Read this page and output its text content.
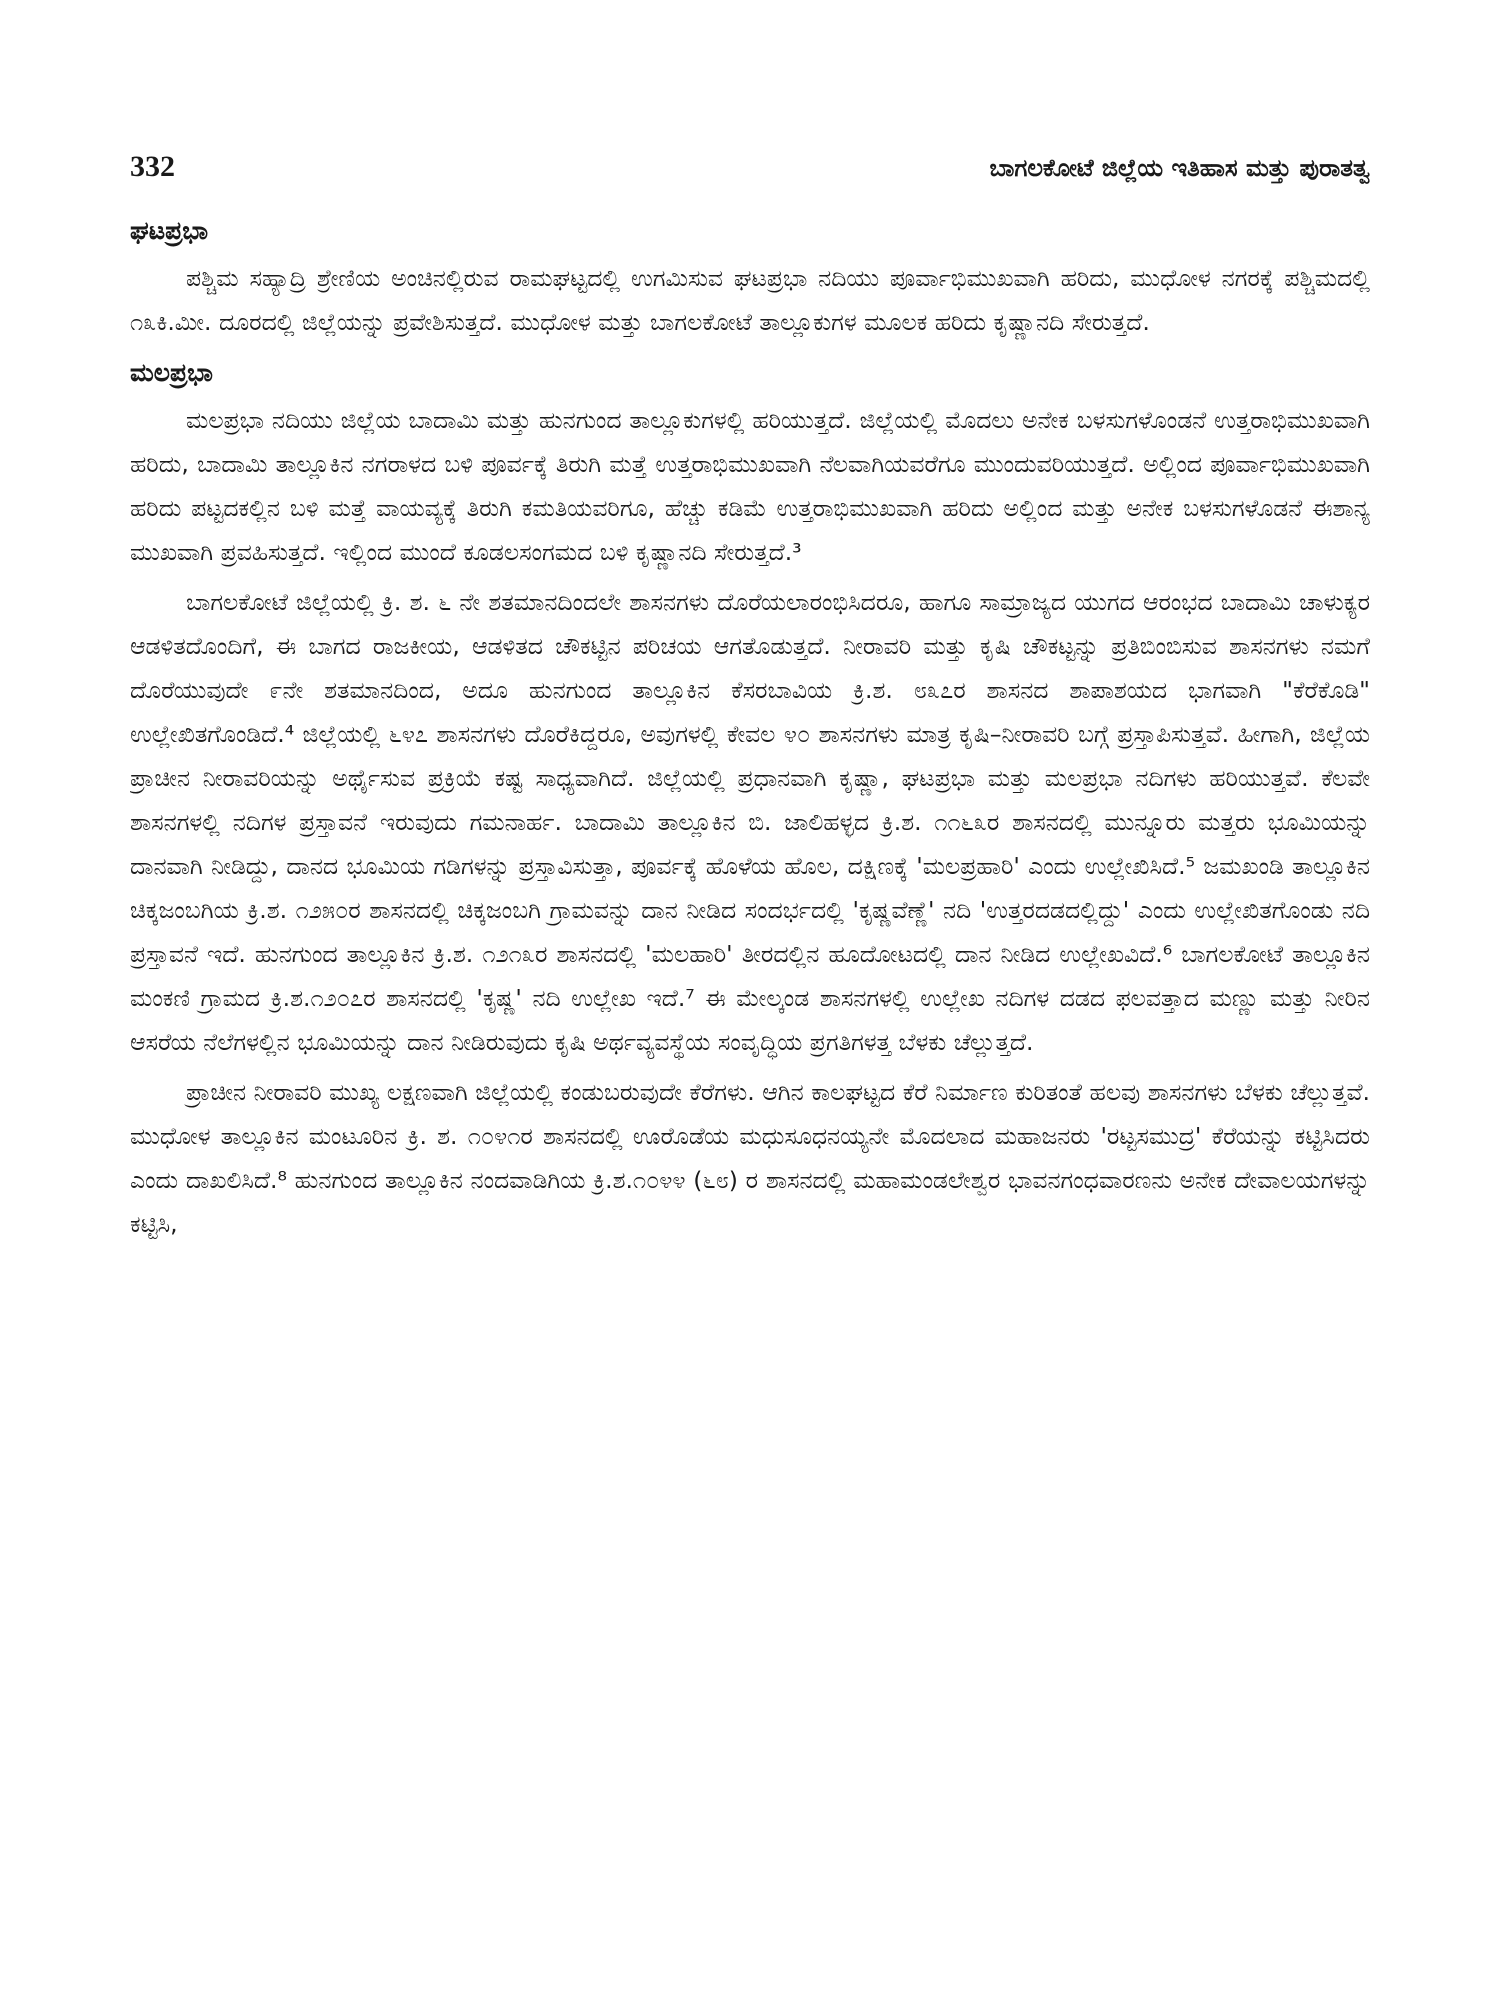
332	ಬಾಗಲಕೋಟೆ ಜಿಲ್ಲೆಯ ಇತಿಹಾಸ ಮತ್ತು ಪುರಾತತ್ವ
ಘಟಪ್ರಭಾ

ಪಶ್ಚಿಮ ಸಹ್ಯಾದ್ರಿ ಶ್ರೇಣಿಯ ಅಂಚಿನಲ್ಲಿರುವ ರಾಮಘಟ್ಟದಲ್ಲಿ ಉಗಮಿಸುವ ಘಟಪ್ರಭಾ ನದಿಯು ಪೂರ್ವಾಭಿಮುಖವಾಗಿ ಹರಿದು, ಮುಧೋಳ ನಗರಕ್ಕೆ ಪಶ್ಚಿಮದಲ್ಲಿ ೧೩ಕಿ.ಮೀ. ದೂರದಲ್ಲಿ ಜಿಲ್ಲೆಯನ್ನು ಪ್ರವೇಶಿಸುತ್ತದೆ. ಮುಧೋಳ ಮತ್ತು ಬಾಗಲಕೋಟೆ ತಾಲ್ಲೂಕುಗಳ ಮೂಲಕ ಹರಿದು ಕೃಷ್ಣಾನದಿ ಸೇರುತ್ತದೆ.

ಮಲಪ್ರಭಾ

ಮಲಪ್ರಭಾ ನದಿಯು ಜಿಲ್ಲೆಯ ಬಾದಾಮಿ ಮತ್ತು ಹುನಗುಂದ ತಾಲ್ಲೂಕುಗಳಲ್ಲಿ ಹರಿಯುತ್ತದೆ. ಜಿಲ್ಲೆಯಲ್ಲಿ ಮೊದಲು ಅನೇಕ ಬಳಸುಗಳೊಂಡನೆ ಉತ್ತರಾಭಿಮುಖವಾಗಿ ಹರಿದು, ಬಾದಾಮಿ ತಾಲ್ಲೂಕಿನ ನಗರಾಳದ ಬಳಿ ಪೂರ್ವಕ್ಕೆ ತಿರುಗಿ ಮತ್ತೆ ಉತ್ತರಾಭಿಮುಖವಾಗಿ ನೆಲವಾಗಿಯವರೆಗೂ ಮುಂದುವರಿಯುತ್ತದೆ. ಅಲ್ಲಿಂದ ಪೂರ್ವಾಭಿಮುಖವಾಗಿ ಹರಿದು ಪಟ್ಟದಕಲ್ಲಿನ ಬಳಿ ಮತ್ತೆ ವಾಯವ್ಯಕ್ಕೆ ತಿರುಗಿ ಕಮತಿಯವರಿಗೂ, ಹೆಚ್ಚು ಕಡಿಮೆ ಉತ್ತರಾಭಿಮುಖವಾಗಿ ಹರಿದು ಅಲ್ಲಿಂದ ಮತ್ತು ಅನೇಕ ಬಳಸುಗಳೊಡನೆ ಈಶಾನ್ಯ ಮುಖವಾಗಿ ಪ್ರವಹಿಸುತ್ತದೆ. ಇಲ್ಲಿಂದ ಮುಂದೆ ಕೂಡಲಸಂಗಮದ ಬಳಿ ಕೃಷ್ಣಾನದಿ ಸೇರುತ್ತದೆ.³

ಬಾಗಲಕೋಟೆ ಜಿಲ್ಲೆಯಲ್ಲಿ ಕ್ರಿ. ಶ. ೬ ನೇ ಶತಮಾನದಿಂದಲೇ ಶಾಸನಗಳು ದೊರೆಯಲಾರಂಭಿಸಿದರೂ, ಹಾಗೂ ಸಾಮ್ರಾಜ್ಯದ ಯುಗದ ಆರಂಭದ ಬಾದಾಮಿ ಚಾಳುಕ್ಯರ ಆಡಳಿತದೊಂದಿಗೆ, ಈ ಬಾಗದ ರಾಜಕೀಯ, ಆಡಳಿತದ ಚೌಕಟ್ಟಿನ ಪರಿಚಯ ಆಗತೊಡುತ್ತದೆ. ನೀರಾವರಿ ಮತ್ತು ಕೃಷಿ ಚೌಕಟ್ಟನ್ನು ಪ್ರತಿಬಿಂಬಿಸುವ ಶಾಸನಗಳು ನಮಗೆ ದೊರೆಯುವುದೇ ೯ನೇ ಶತಮಾನದಿಂದ, ಅದೂ ಹುನಗುಂದ ತಾಲ್ಲೂಕಿನ ಕೆಸರಬಾವಿಯ ಕ್ರಿ.ಶ. ೮೩೭ರ ಶಾಸನದ ಶಾಪಾಶಯದ ಭಾಗವಾಗಿ "ಕೆರೆಕೊಡಿ" ಉಲ್ಲೇಖಿತಗೊಂಡಿದೆ.⁴ ಜಿಲ್ಲೆಯಲ್ಲಿ ೬೪೭ ಶಾಸನಗಳು ದೊರೆಕಿದ್ದರೂ, ಅವುಗಳಲ್ಲಿ ಕೇವಲ ೪೦ ಶಾಸನಗಳು ಮಾತ್ರ ಕೃಷಿ–ನೀರಾವರಿ ಬಗ್ಗೆ ಪ್ರಸ್ತಾಪಿಸುತ್ತವೆ. ಹೀಗಾಗಿ, ಜಿಲ್ಲೆಯ ಪ್ರಾಚೀನ ನೀರಾವರಿಯನ್ನು ಅರ್ಥೈಸುವ ಪ್ರಕ್ರಿಯೆ ಕಷ್ಟ ಸಾಧ್ಯವಾಗಿದೆ. ಜಿಲ್ಲೆಯಲ್ಲಿ ಪ್ರಧಾನವಾಗಿ ಕೃಷ್ಣಾ, ಘಟಪ್ರಭಾ ಮತ್ತು ಮಲಪ್ರಭಾ ನದಿಗಳು ಹರಿಯುತ್ತವೆ. ಕೆಲವೇ ಶಾಸನಗಳಲ್ಲಿ ನದಿಗಳ ಪ್ರಸ್ತಾವನೆ ಇರುವುದು ಗಮನಾರ್ಹ. ಬಾದಾಮಿ ತಾಲ್ಲೂಕಿನ ಬಿ. ಜಾಲಿಹಳ್ಳದ ಕ್ರಿ.ಶ. ೧೧೬೩ರ ಶಾಸನದಲ್ಲಿ ಮುನ್ನೂರು ಮತ್ತರು ಭೂಮಿಯನ್ನು ದಾನವಾಗಿ ನೀಡಿದ್ದು, ದಾನದ ಭೂಮಿಯ ಗಡಿಗಳನ್ನು ಪ್ರಸ್ತಾವಿಸುತ್ತಾ, ಪೂರ್ವಕ್ಕೆ ಹೊಳೆಯ ಹೊಲ, ದಕ್ಷಿಣಕ್ಕೆ 'ಮಲಪ್ರಹಾರಿ' ಎಂದು ಉಲ್ಲೇಖಿಸಿದೆ.⁵ ಜಮಖಂಡಿ ತಾಲ್ಲೂಕಿನ ಚಿಕ್ಕಜಂಬಗಿಯ ಕ್ರಿ.ಶ. ೧೨೫೦ರ ಶಾಸನದಲ್ಲಿ ಚಿಕ್ಕಜಂಬಗಿ ಗ್ರಾಮವನ್ನು ದಾನ ನೀಡಿದ ಸಂದರ್ಭದಲ್ಲಿ 'ಕೃಷ್ಣವೆಣ್ಣೆ' ನದಿ 'ಉತ್ತರದಡದಲ್ಲಿದ್ದು' ಎಂದು ಉಲ್ಲೇಖಿತಗೊಂಡು ನದಿ ಪ್ರಸ್ತಾವನೆ ಇದೆ. ಹುನಗುಂದ ತಾಲ್ಲೂಕಿನ ಕ್ರಿ.ಶ. ೧೨೧೩ರ ಶಾಸನದಲ್ಲಿ 'ಮಲಹಾರಿ' ತೀರದಲ್ಲಿನ ಹೂದೋಟದಲ್ಲಿ ದಾನ ನೀಡಿದ ಉಲ್ಲೇಖವಿದೆ.⁶ ಬಾಗಲಕೋಟೆ ತಾಲ್ಲೂಕಿನ ಮಂಕಣಿ ಗ್ರಾಮದ ಕ್ರಿ.ಶ.೧೨೦೭ರ ಶಾಸನದಲ್ಲಿ 'ಕೃಷ್ಣ' ನದಿ ಉಲ್ಲೇಖ ಇದೆ.⁷ ಈ ಮೇಲ್ಕಂಡ ಶಾಸನಗಳಲ್ಲಿ ಉಲ್ಲೇಖ ನದಿಗಳ ದಡದ ಫಲವತ್ತಾದ ಮಣ್ಣು ಮತ್ತು ನೀರಿನ ಆಸರೆಯ ನೆಲೆಗಳಲ್ಲಿನ ಭೂಮಿಯನ್ನು ದಾನ ನೀಡಿರುವುದು ಕೃಷಿ ಅರ್ಥವ್ಯವಸ್ಥೆಯ ಸಂವೃದ್ಧಿಯ ಪ್ರಗತಿಗಳತ್ತ ಬೆಳಕು ಚೆಲ್ಲುತ್ತದೆ.

ಪ್ರಾಚೀನ ನೀರಾವರಿ ಮುಖ್ಯ ಲಕ್ಷಣವಾಗಿ ಜಿಲ್ಲೆಯಲ್ಲಿ ಕಂಡುಬರುವುದೇ ಕೆರೆಗಳು. ಆಗಿನ ಕಾಲಘಟ್ಟದ ಕೆರೆ ನಿರ್ಮಾಣ ಕುರಿತಂತೆ ಹಲವು ಶಾಸನಗಳು ಬೆಳಕು ಚೆಲ್ಲುತ್ತವೆ. ಮುಧೋಳ ತಾಲ್ಲೂಕಿನ ಮಂಟೂರಿನ ಕ್ರಿ. ಶ. ೧೦೪೧ರ ಶಾಸನದಲ್ಲಿ ಊರೊಡೆಯ ಮಧುಸೂಧನಯ್ಯನೇ ಮೊದಲಾದ ಮಹಾಜನರು 'ರಟ್ಟಸಮುದ್ರ' ಕೆರೆಯನ್ನು ಕಟ್ಟಿಸಿದರು ಎಂದು ದಾಖಲಿಸಿದೆ.⁸ ಹುನಗುಂದ ತಾಲ್ಲೂಕಿನ ನಂದವಾಡಿಗಿಯ ಕ್ರಿ.ಶ.೧೦೪೪ (೬೮) ರ ಶಾಸನದಲ್ಲಿ ಮಹಾಮಂಡಲೇಶ್ವರ ಭಾವನಗಂಧವಾರಣನು ಅನೇಕ ದೇವಾಲಯಗಳನ್ನು ಕಟ್ಟಿಸಿ,
